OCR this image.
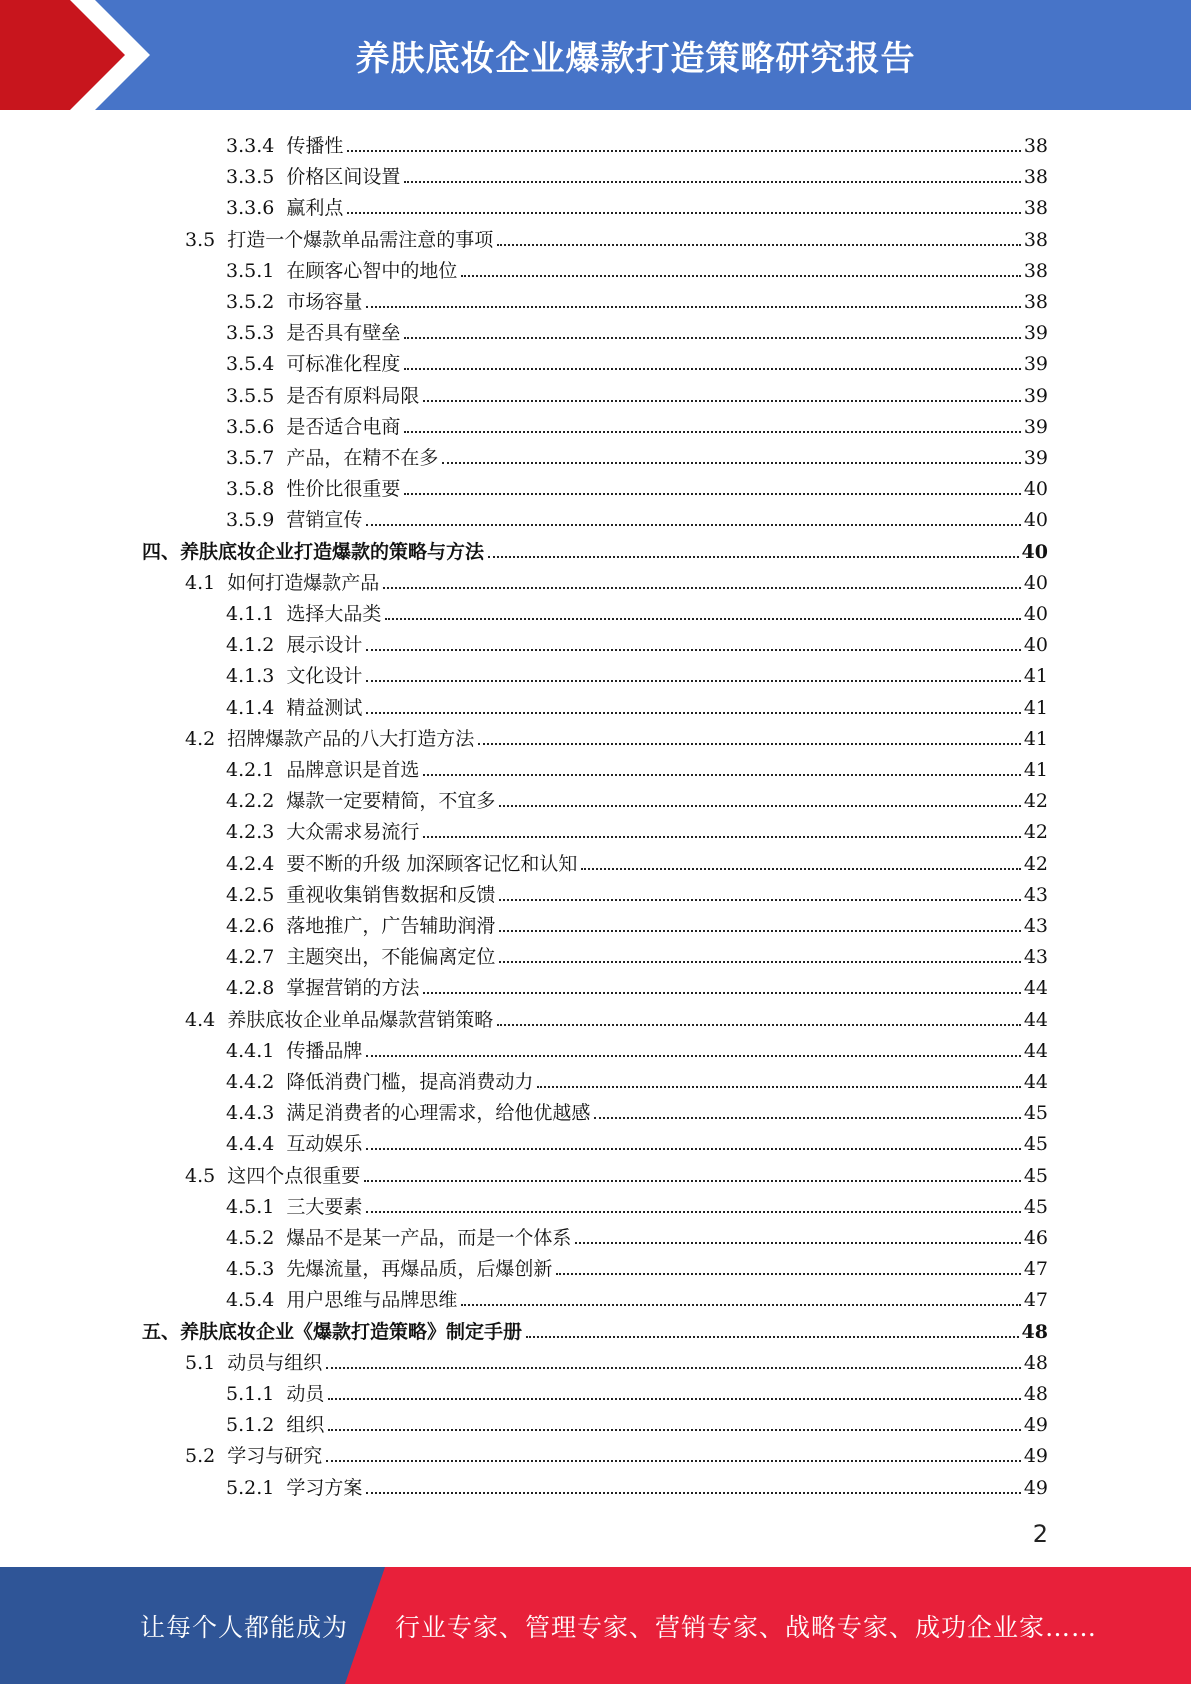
养肤底妆企业爆款打造策略研究报告
3.3.4 传播性	38
3.3.5 价格区间设置	38
3.3.6 赢利点	38
3.5 打造一个爆款单品需注意的事项	38
3.5.1 在顾客心智中的地位	38
3.5.2 市场容量	38
3.5.3 是否具有壁垒	39
3.5.4 可标准化程度	39
3.5.5 是否有原料局限	39
3.5.6 是否适合电商	39
3.5.7 产品，在精不在多	39
3.5.8 性价比很重要	40
3.5.9 营销宣传	40
四、养肤底妆企业打造爆款的策略与方法	40
4.1 如何打造爆款产品	40
4.1.1 选择大品类	40
4.1.2 展示设计	40
4.1.3 文化设计	41
4.1.4 精益测试	41
4.2 招牌爆款产品的八大打造方法	41
4.2.1 品牌意识是首选	41
4.2.2 爆款一定要精简，不宜多	42
4.2.3 大众需求易流行	42
4.2.4 要不断的升级 加深顾客记忆和认知	42
4.2.5 重视收集销售数据和反馈	43
4.2.6 落地推广，广告辅助润滑	43
4.2.7 主题突出，不能偏离定位	43
4.2.8 掌握营销的方法	44
4.4 养肤底妆企业单品爆款营销策略	44
4.4.1 传播品牌	44
4.4.2 降低消费门槛，提高消费动力	44
4.4.3 满足消费者的心理需求，给他优越感	45
4.4.4 互动娱乐	45
4.5 这四个点很重要	45
4.5.1 三大要素	45
4.5.2 爆品不是某一产品，而是一个体系	46
4.5.3 先爆流量，再爆品质，后爆创新	47
4.5.4 用户思维与品牌思维	47
五、养肤底妆企业《爆款打造策略》制定手册	48
5.1 动员与组织	48
5.1.1 动员	48
5.1.2 组织	49
5.2 学习与研究	49
5.2.1 学习方案	49
2
让每个人都能成为 行业专家、管理专家、营销专家、战略专家、成功企业家……
